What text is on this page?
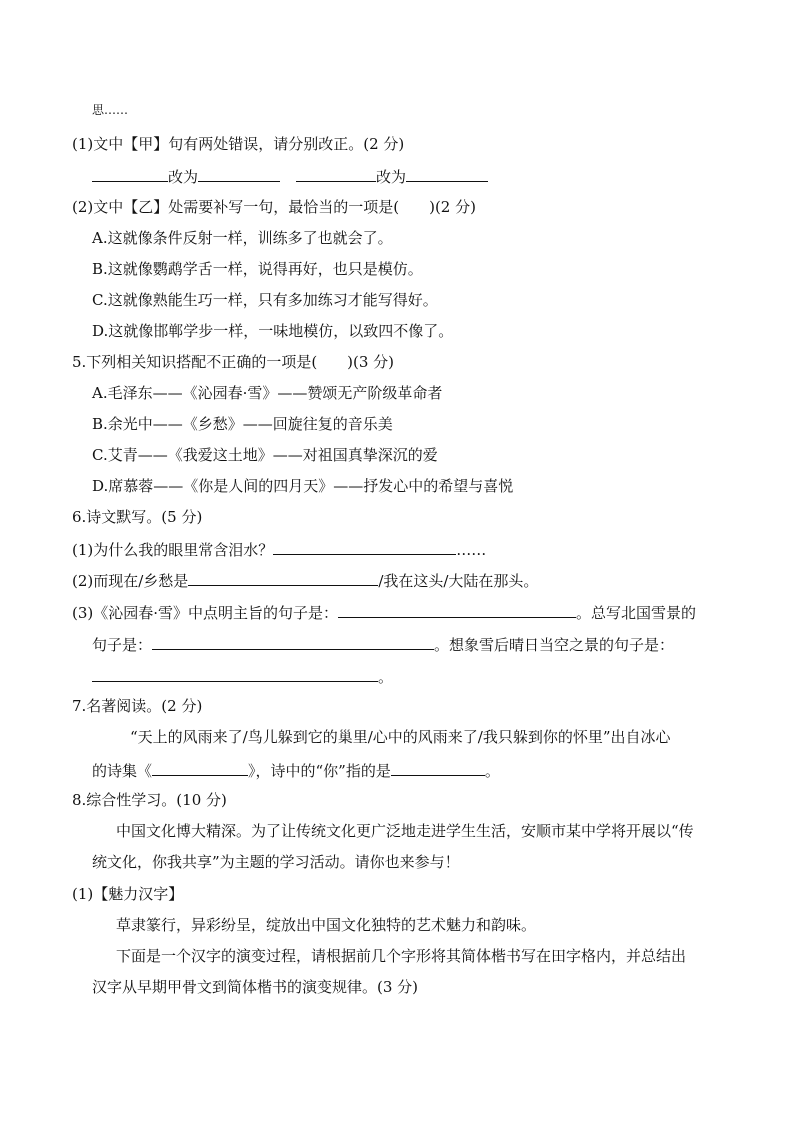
思……
(1)文中【甲】句有两处错误，请分别改正。(2 分)
改为	改为
(2)文中【乙】处需要补写一句，最恰当的一项是(　　)(2 分)
A.这就像条件反射一样，训练多了也就会了。
B.这就像鹦鹉学舌一样，说得再好，也只是模仿。
C.这就像熟能生巧一样，只有多加练习才能写得好。
D.这就像邯郸学步一样，一味地模仿，以致四不像了。
5.下列相关知识搭配不正确的一项是(　　)(3 分)
A.毛泽东——《沁园春·雪》——赞颂无产阶级革命者
B.余光中——《乡愁》——回旋往复的音乐美
C.艾青——《我爱这土地》——对祖国真挚深沉的爱
D.席慕蓉——《你是人间的四月天》——抒发心中的希望与喜悦
6.诗文默写。(5 分)
(1)为什么我的眼里常含泪水？	……
(2)而现在/乡愁是	/我在这头/大陆在那头。
(3)《沁园春·雪》中点明主旨的句子是：	。总写北国雪景的
句子是：	。想象雪后晴日当空之景的句子是：
。
7.名著阅读。(2 分)
“天上的风雨来了/鸟儿躲到它的巢里/心中的风雨来了/我只躲到你的怀里”出自冰心
的诗集《	》，诗中的“你”指的是	。
8.综合性学习。(10 分)
中国文化博大精深。为了让传统文化更广泛地走进学生生活，安顺市某中学将开展以“传
统文化，你我共享”为主题的学习活动。请你也来参与！
(1)【魅力汉字】
草隶篆行，异彩纷呈，绽放出中国文化独特的艺术魅力和韵味。
下面是一个汉字的演变过程，请根据前几个字形将其简体楷书写在田字格内，并总结出
汉字从早期甲骨文到简体楷书的演变规律。(3 分)
